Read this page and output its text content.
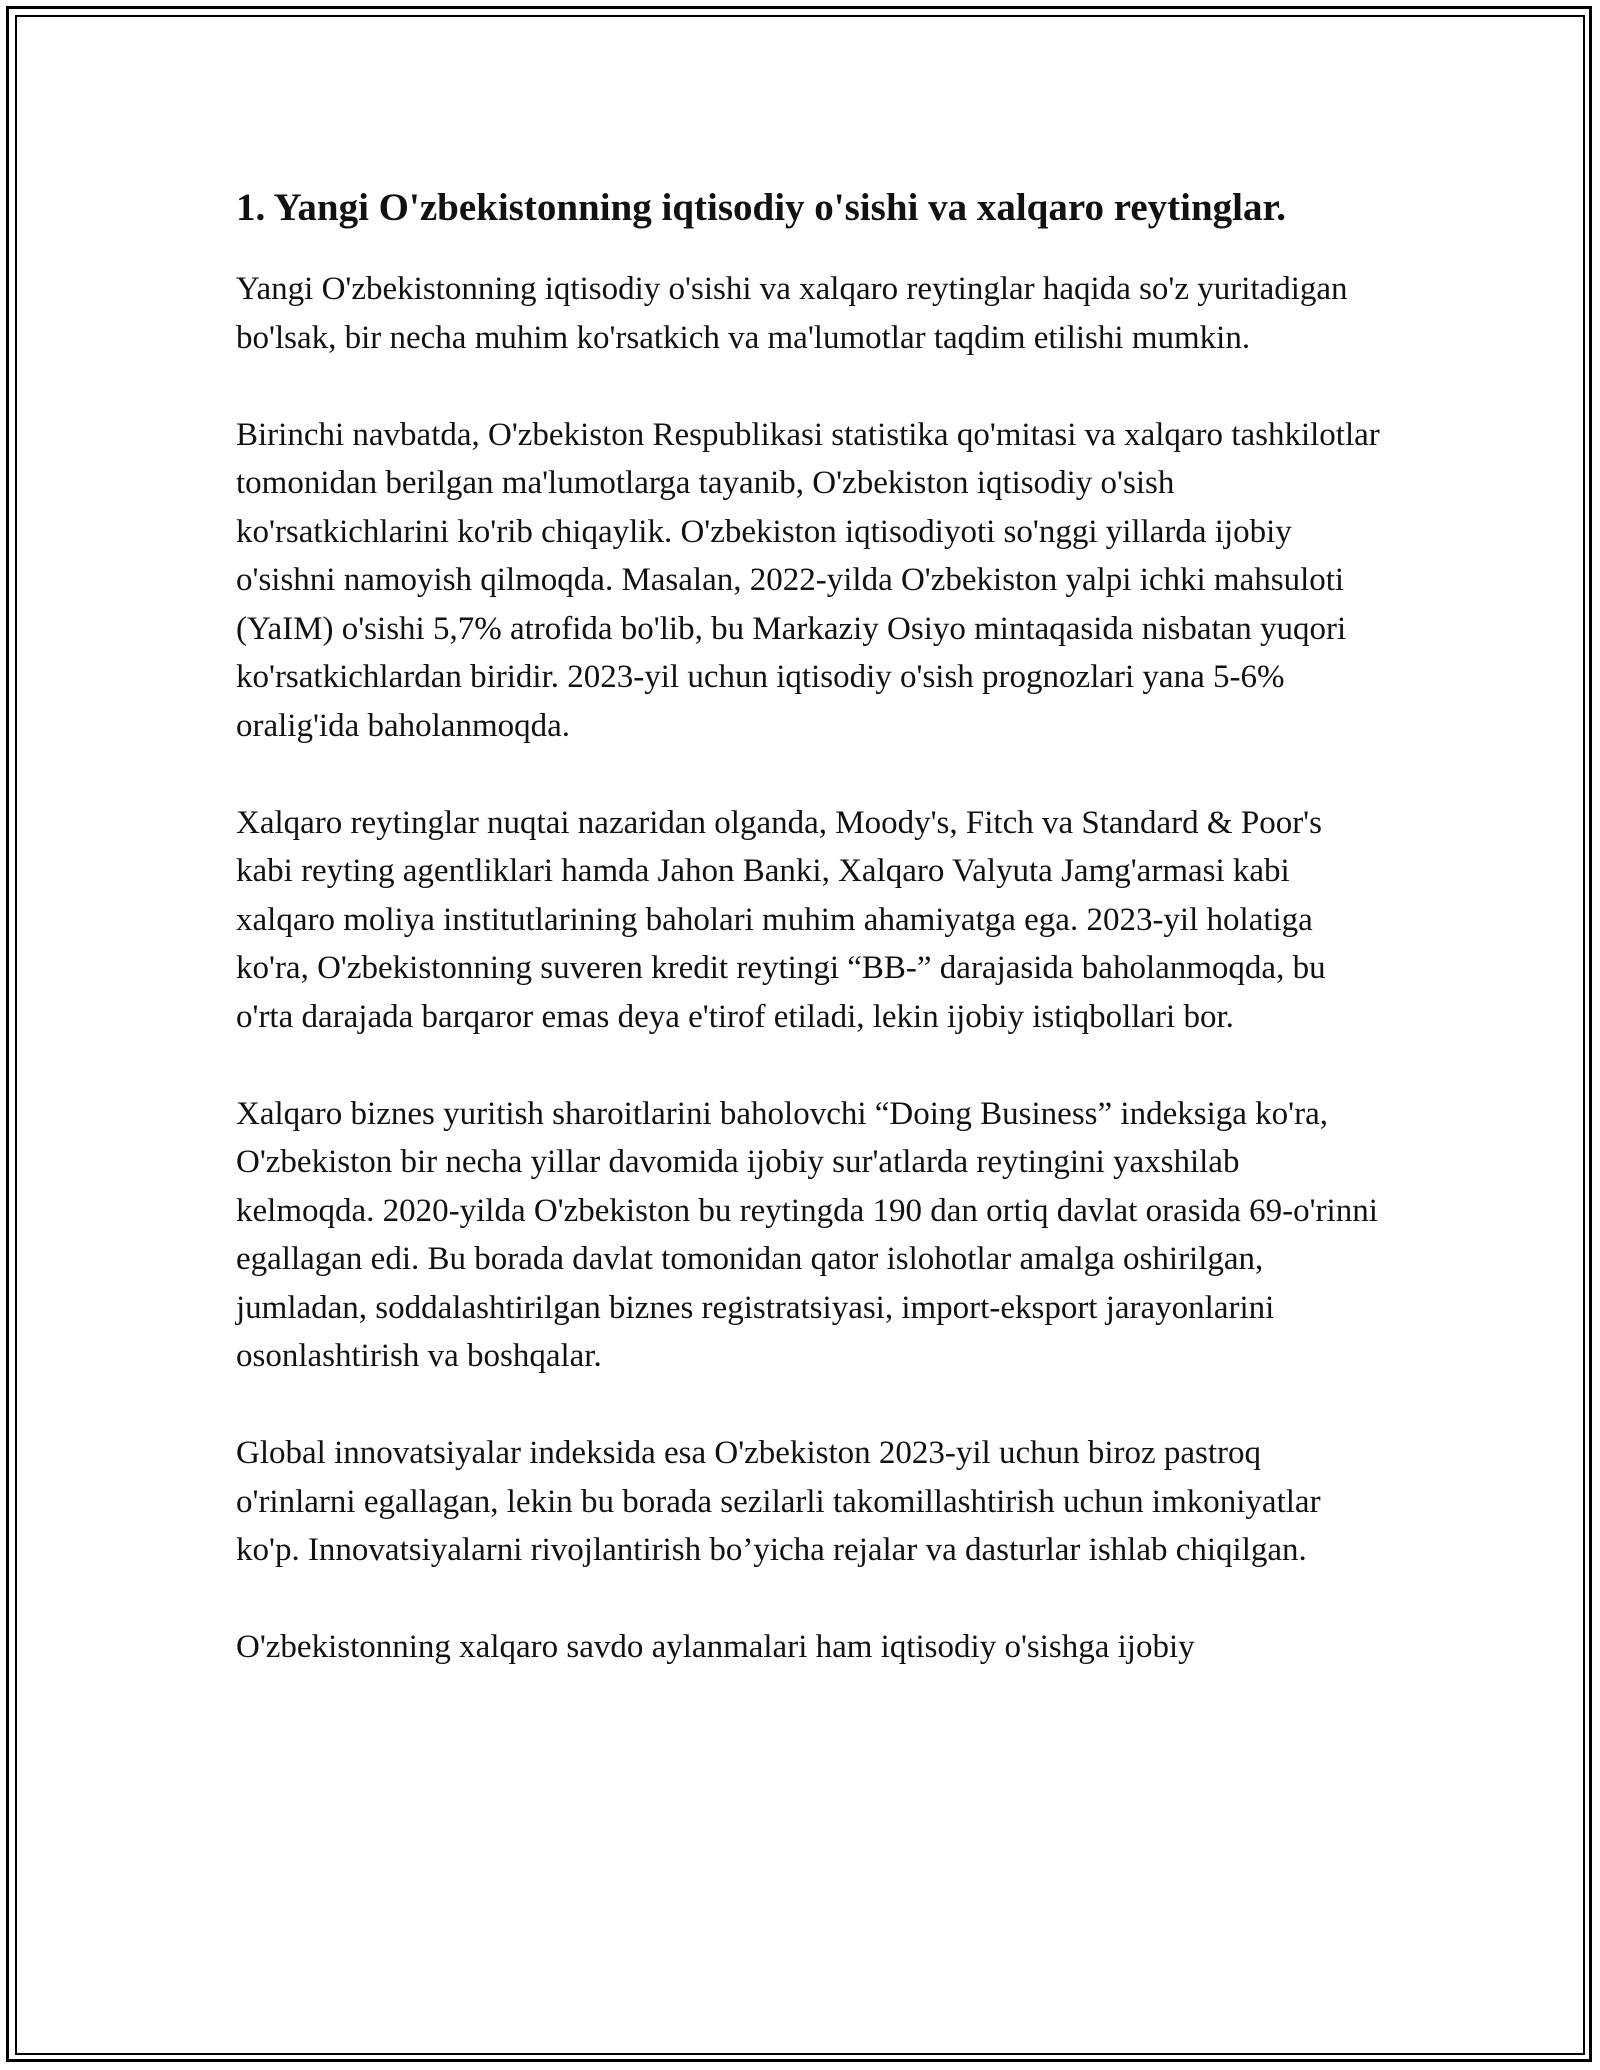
1. Yangi O'zbekistonning iqtisodiy o'sishi va xalqaro reytinglar.

Yangi O'zbekistonning iqtisodiy o'sishi va xalqaro reytinglar haqida so'z yuritadigan bo'lsak, bir necha muhim ko'rsatkich va ma'lumotlar taqdim etilishi mumkin.

Birinchi navbatda, O'zbekiston Respublikasi statistika qo'mitasi va xalqaro tashkilotlar tomonidan berilgan ma'lumotlarga tayanib, O'zbekiston iqtisodiy o'sish ko'rsatkichlarini ko'rib chiqaylik. O'zbekiston iqtisodiyoti so'nggi yillarda ijobiy o'sishni namoyish qilmoqda. Masalan, 2022-yilda O'zbekiston yalpi ichki mahsuloti (YaIM) o'sishi 5,7% atrofida bo'lib, bu Markaziy Osiyo mintaqasida nisbatan yuqori ko'rsatkichlardan biridir. 2023-yil uchun iqtisodiy o'sish prognozlari yana 5-6% oralig'ida baholanmoqda.

Xalqaro reytinglar nuqtai nazaridan olganda, Moody's, Fitch va Standard & Poor's kabi reyting agentliklari hamda Jahon Banki, Xalqaro Valyuta Jamg'armasi kabi xalqaro moliya institutlarining baholari muhim ahamiyatga ega. 2023-yil holatiga ko'ra, O'zbekistonning suveren kredit reytingi “BB-” darajasida baholanmoqda, bu o'rta darajada barqaror emas deya e'tirof etiladi, lekin ijobiy istiqbollari bor.

Xalqaro biznes yuritish sharoitlarini baholovchi “Doing Business” indeksiga ko'ra, O'zbekiston bir necha yillar davomida ijobiy sur'atlarda reytingini yaxshilab kelmoqda. 2020-yilda O'zbekiston bu reytingda 190 dan ortiq davlat orasida 69-o'rinni egallagan edi. Bu borada davlat tomonidan qator islohotlar amalga oshirilgan, jumladan, soddalashtirilgan biznes registratsiyasi, import-eksport jarayonlarini osonlashtirish va boshqalar.

Global innovatsiyalar indeksida esa O'zbekiston 2023-yil uchun biroz pastroq o'rinlarni egallagan, lekin bu borada sezilarli takomillashtirish uchun imkoniyatlar ko'p. Innovatsiyalarni rivojlantirish bo’yicha rejalar va dasturlar ishlab chiqilgan.

O'zbekistonning xalqaro savdo aylanmalari ham iqtisodiy o'sishga ijobiy
